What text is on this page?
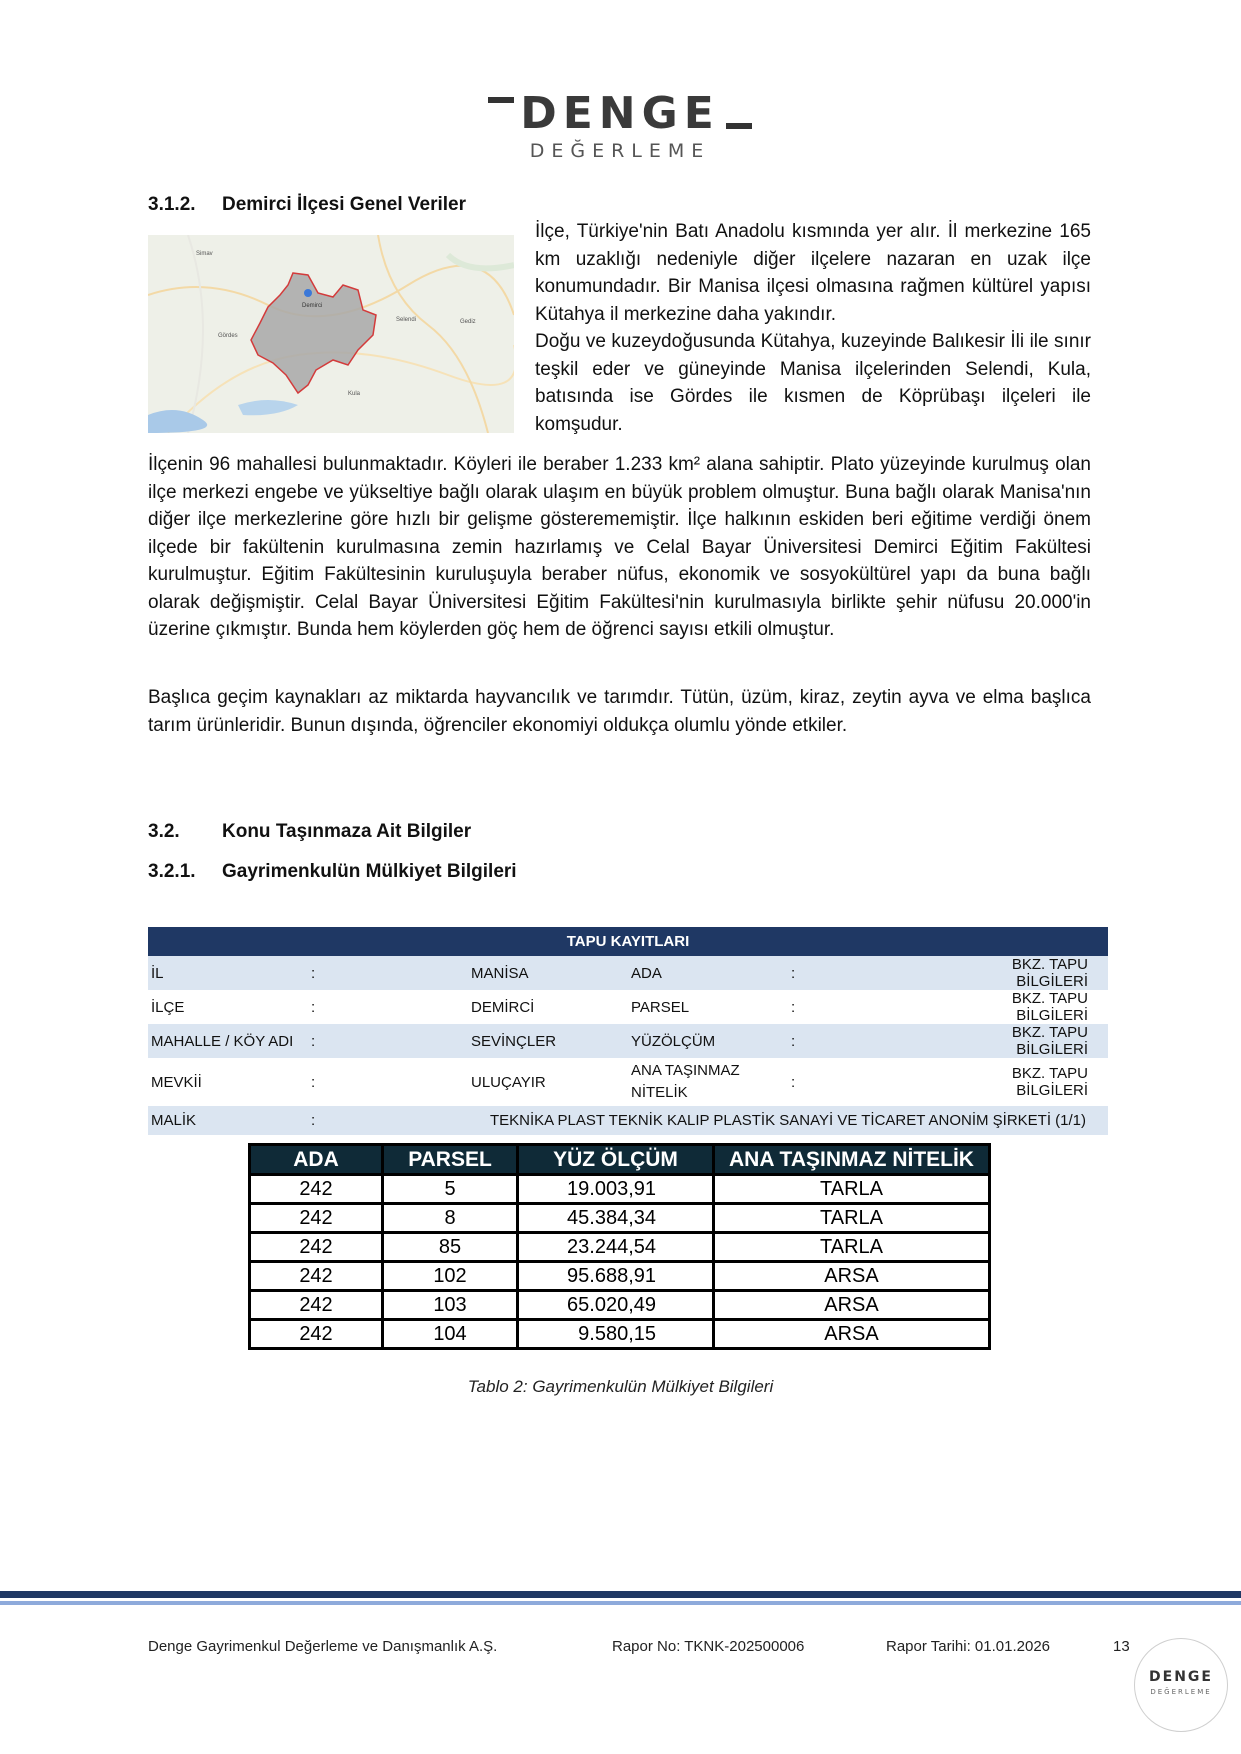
DENGE
DEĞERLEME
3.1.2. Demirci İlçesi Genel Veriler
Simav
Gördes
Demirci
Selendi	Gediz
Kula

İlçe, Türkiye'nin Batı Anadolu kısmında yer alır. İl merkezine 165 km uzaklığı nedeniyle diğer ilçelere nazaran en uzak ilçe konumundadır. Bir Manisa ilçesi olmasına rağmen kültürel yapısı Kütahya il merkezine daha yakındır.

Doğu ve kuzeydoğusunda Kütahya, kuzeyinde Balıkesir İli ile sınır teşkil eder ve güneyinde Manisa ilçelerinden Selendi, Kula, batısında ise Gördes ile kısmen de Köprübaşı ilçeleri ile komşudur.

İlçenin 96 mahallesi bulunmaktadır. Köyleri ile beraber 1.233 km² alana sahiptir. Plato yüzeyinde kurulmuş olan ilçe merkezi engebe ve yükseltiye bağlı olarak ulaşım en büyük problem olmuştur. Buna bağlı olarak Manisa'nın diğer ilçe merkezlerine göre hızlı bir gelişme gösterememiştir. İlçe halkının eskiden beri eğitime verdiği önem ilçede bir fakültenin kurulmasına zemin hazırlamış ve Celal Bayar Üniversitesi Demirci Eğitim Fakültesi kurulmuştur. Eğitim Fakültesinin kuruluşuyla beraber nüfus, ekonomik ve sosyokültürel yapı da buna bağlı olarak değişmiştir. Celal Bayar Üniversitesi Eğitim Fakültesi'nin kurulmasıyla birlikte şehir nüfusu 20.000'in üzerine çıkmıştır. Bunda hem köylerden göç hem de öğrenci sayısı etkili olmuştur.

Başlıca geçim kaynakları az miktarda hayvancılık ve tarımdır. Tütün, üzüm, kiraz, zeytin ayva ve elma başlıca tarım ürünleridir. Bunun dışında, öğrenciler ekonomiyi oldukça olumlu yönde etkiler.

3.2. Konu Taşınmaza Ait Bilgiler
3.2.1. Gayrimenkulün Mülkiyet Bilgileri
TAPU KAYITLARI					
İL	:	MANİSA	ADA	:	BKZ. TAPU BİLGİLERİ
İLÇE	:	DEMİRCİ	PARSEL	:	BKZ. TAPU BİLGİLERİ
MAHALLE / KÖY ADI	:	SEVİNÇLER	YÜZÖLÇÜM	:	BKZ. TAPU BİLGİLERİ
MEVKİİ	:	ULUÇAYIR	ANA TAŞINMAZ NİTELİK	:	BKZ. TAPU BİLGİLERİ
MALİK	:	TEKNİKA PLAST TEKNİK KALIP PLASTİK SANAYİ VE TİCARET ANONİM ŞİRKETİ (1/1)			
ADA	PARSEL	YÜZ ÖLÇÜM	ANA TAŞINMAZ NİTELİK
242	5	19.003,91	TARLA
242	8	45.384,34	TARLA
242	85	23.244,54	TARLA
242	102	95.688,91	ARSA
242	103	65.020,49	ARSA
242	104	9.580,15	ARSA
Tablo 2: Gayrimenkulün Mülkiyet Bilgileri
Denge Gayrimenkul Değerleme ve Danışmanlık A.Ş.	Rapor No: TKNK-202500006	Rapor Tarihi: 01.01.2026	13
DENGE
DEĞERLEME
